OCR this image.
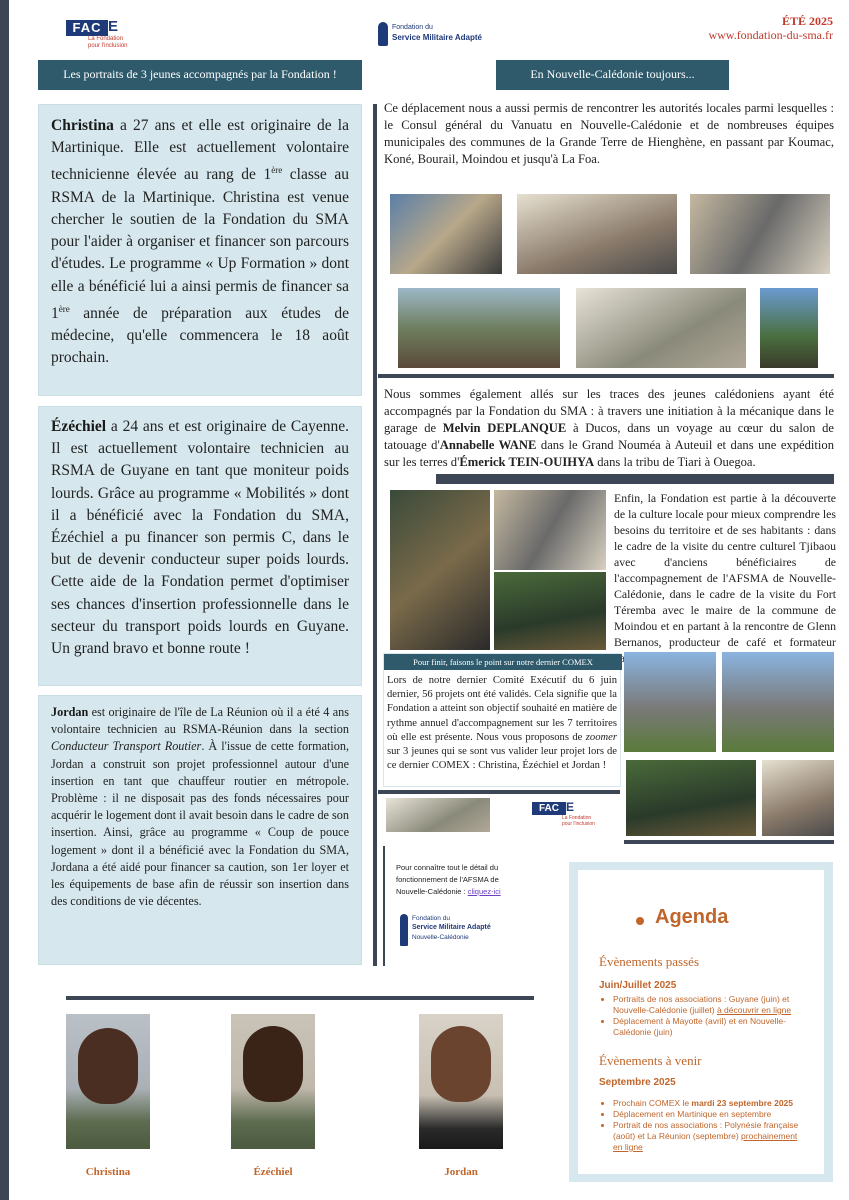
FAC E
La Fondation
pour l'inclusion
Fondation du
Service Militaire Adapté
ÉTÉ 2025
www.fondation-du-sma.fr
Les portraits de 3 jeunes accompagnés par la Fondation !	En Nouvelle-Calédonie toujours...

Christina a 27 ans et elle est originaire de la Martinique. Elle est actuellement volontaire technicienne élevée au rang de 1ère classe au RSMA de la Martinique. Christina est venue chercher le soutien de la Fondation du SMA pour l'aider à organiser et financer son parcours d'études. Le programme « Up Formation » dont elle a bénéficié lui a ainsi permis de financer sa 1ère année de préparation aux études de médecine, qu'elle commencera le 18 août prochain.

Ézéchiel a 24 ans et est originaire de Cayenne. Il est actuellement volontaire technicien au RSMA de Guyane en tant que moniteur poids lourds. Grâce au programme « Mobilités » dont il a bénéficié avec la Fondation du SMA, Ézéchiel a pu financer son permis C, dans le but de devenir conducteur super poids lourds. Cette aide de la Fondation permet d'optimiser ses chances d'insertion professionnelle dans le secteur du transport poids lourds en Guyane. Un grand bravo et bonne route !

Jordan est originaire de l'île de La Réunion où il a été 4 ans volontaire technicien au RSMA-Réunion dans la section Conducteur Transport Routier. À l'issue de cette formation, Jordan a construit son projet professionnel autour d'une insertion en tant que chauffeur routier en métropole. Problème : il ne disposait pas des fonds nécessaires pour acquérir le logement dont il avait besoin dans le cadre de son insertion. Ainsi, grâce au programme « Coup de pouce logement » dont il a bénéficié avec la Fondation du SMA, Jordana a été aidé pour financer sa caution, son 1er loyer et les équipements de base afin de réussir son insertion dans des conditions de vie décentes.

Ce déplacement nous a aussi permis de rencontrer les autorités locales parmi lesquelles : le Consul général du Vanuatu en Nouvelle-Calédonie et de nombreuses équipes municipales des communes de la Grande Terre de Hienghène, en passant par Koumac, Koné, Bourail, Moindou et jusqu'à La Foa.
Nous sommes également allés sur les traces des jeunes calédoniens ayant été accompagnés par la Fondation du SMA : à travers une initiation à la mécanique dans le garage de Melvin DEPLANQUE à Ducos, dans un voyage au cœur du salon de tatouage d'Annabelle WANE dans le Grand Nouméa à Auteuil et dans une expédition sur les terres d'Émerick TEIN-OUIHYA dans la tribu de Tiari à Ouegoa.
Enfin, la Fondation est partie à la découverte de la culture locale pour mieux comprendre les besoins du territoire et de ses habitants : dans le cadre de la visite du centre culturel Tjibaou avec d'anciens bénéficiaires de l'accompagnement de l'AFSMA de Nouvelle-Calédonie, dans le cadre de la visite du Fort Téremba avec le maire de la commune de Moindou et en partant à la rencontre de Glenn Bernanos, producteur de café et formateur
Pour finir, faisons le point sur notre dernier COMEX
Lors de notre dernier Comité Exécutif du 6 juin dernier, 56 projets ont été validés. Cela signifie que la Fondation a atteint son objectif souhaité en matière de rythme annuel d'accompagnement sur les 7 territoires où elle est présente. Nous vous proposons de zoomer sur 3 jeunes qui se sont vus valider leur projet lors de ce dernier COMEX : Christina, Ézéchiel et Jordan !
FAC E
La Fondation
pour l'inclusion
Pour connaître tout le détail du fonctionnement de l'AFSMA de Nouvelle-Calédonie : cliquez-ici
Fondation du
Service Militaire Adapté
Nouvelle-Calédonie
Agenda
Évènements passés
Juin/Juillet 2025
• Portraits de nos associations : Guyane (juin) et Nouvelle-Calédonie (juillet) à découvrir en ligne
• Déplacement à Mayotte (avril) et en Nouvelle-Calédonie (juin)
Évènements à venir
Septembre 2025
• Prochain COMEX le mardi 23 septembre 2025
• Déplacement en Martinique en septembre
• Portrait de nos associations : Polynésie française (août) et La Réunion (septembre) prochainement en ligne
Christina	Ézéchiel	Jordan
